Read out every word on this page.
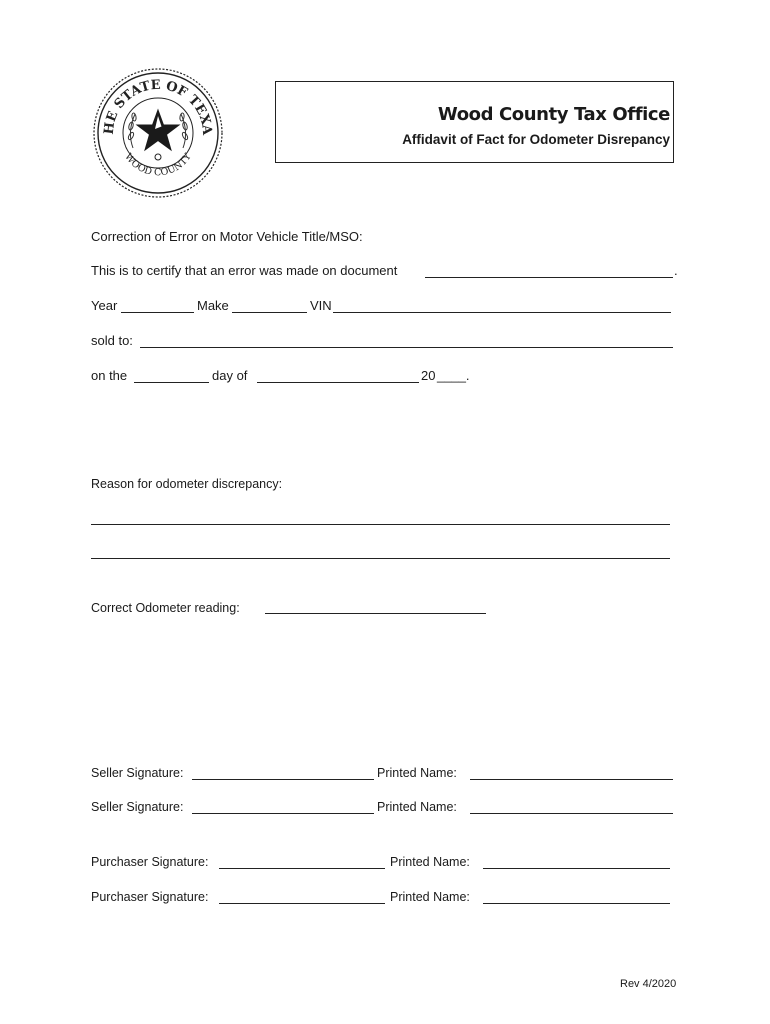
HE STATE OF TEXA
WOOD COUNTY
Wood County Tax Office
Affidavit of Fact for Odometer Disrepancy
Correction of Error on Motor Vehicle Title/MSO:
This is to certify that an error was made on document	.
Year	Make	VIN
sold to:
on the	day of	20 ____.
Reason for odometer discrepancy:
Correct Odometer reading:
Seller Signature:	Printed Name:
Seller Signature:	Printed Name:
Purchaser Signature:	Printed Name:
Purchaser Signature:	Printed Name:
Rev 4/2020
